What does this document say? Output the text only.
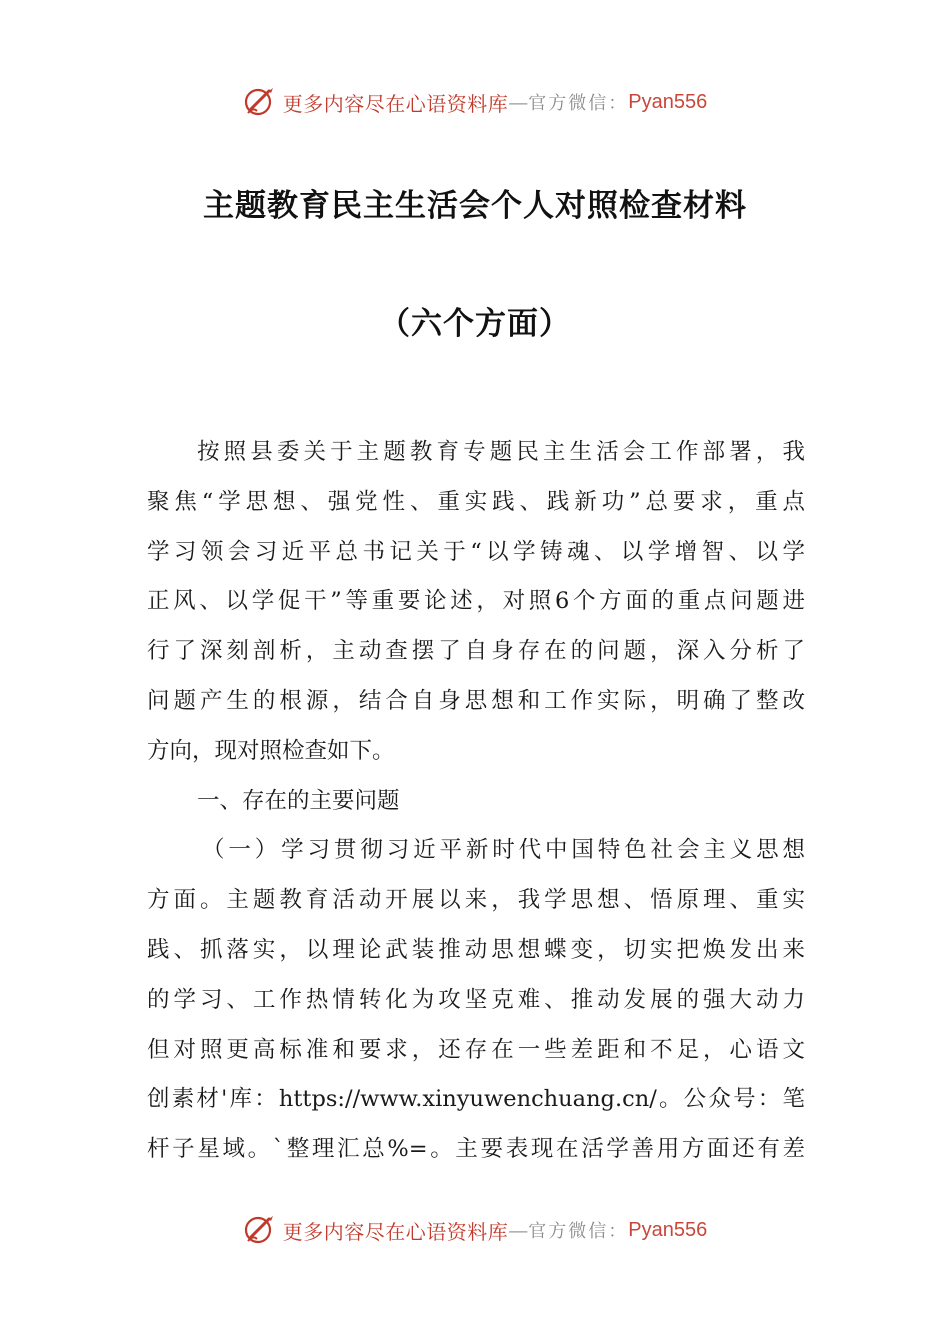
更多内容尽在心语资料库 — 官方微信： Pyan556
主题教育民主生活会个人对照检查材料
（六个方面）
按照县委关于主题教育专题民主生活会工作部署，我
聚焦“学思想、强党性、重实践、践新功”总要求，重点
学习领会习近平总书记关于“以学铸魂、以学增智、以学
正风、以学促干”等重要论述，对照6个方面的重点问题进
行了深刻剖析，主动查摆了自身存在的问题，深入分析了
问题产生的根源，结合自身思想和工作实际，明确了整改
方向，现对照检查如下。
一、存在的主要问题
（一）学习贯彻习近平新时代中国特色社会主义思想
方面。主题教育活动开展以来，我学思想、悟原理、重实
践、抓落实，以理论武装推动思想蝶变，切实把焕发出来
的学习、工作热情转化为攻坚克难、推动发展的强大动力
但对照更高标准和要求，还存在一些差距和不足，心语文
创素材'库：https://www.xinyuwenchuang.cn/。公众号：笔
杆子星域。`整理汇总%=。主要表现在活学善用方面还有差
更多内容尽在心语资料库 — 官方微信： Pyan556
